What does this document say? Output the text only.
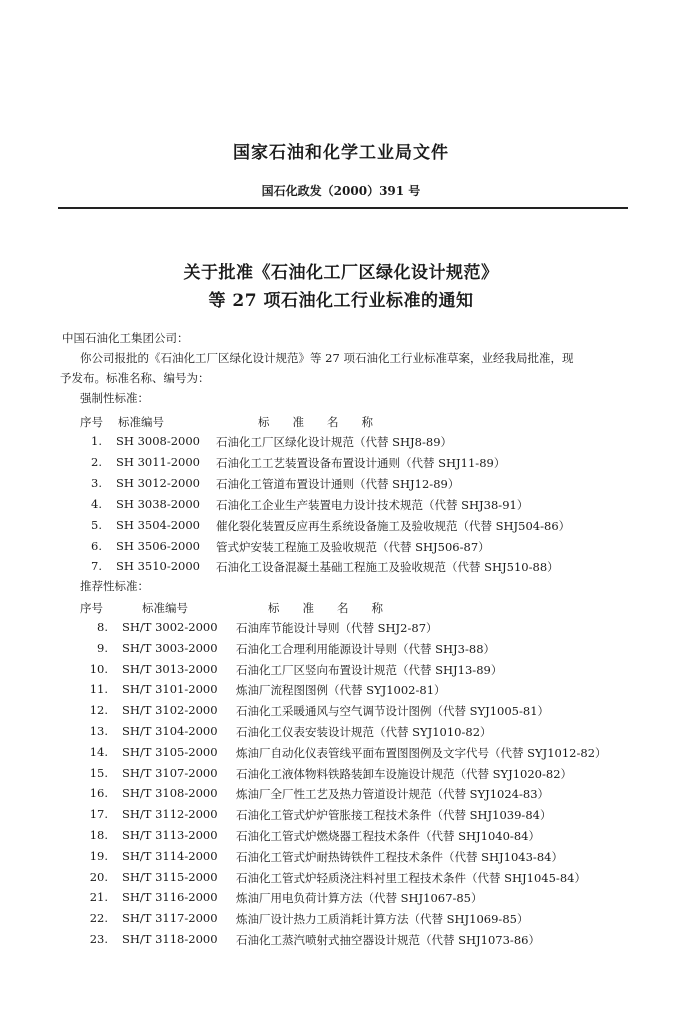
国家石油和化学工业局文件
国石化政发（2000）391 号
关于批准《石油化工厂区绿化设计规范》
等 27 项石油化工行业标准的通知
中国石油化工集团公司：
你公司报批的《石油化工厂区绿化设计规范》等 27 项石油化工行业标准草案，业经我局批准，现
予发布。标准名称、编号为：
强制性标准：
序号 标准编号	标　　准　　名　　称
1. SH 3008-2000 石油化工厂区绿化设计规范（代替 SHJ8-89）
2. SH 3011-2000 石油化工工艺装置设备布置设计通则（代替 SHJ11-89）
3. SH 3012-2000 石油化工管道布置设计通则（代替 SHJ12-89）
4. SH 3038-2000 石油化工企业生产装置电力设计技术规范（代替 SHJ38-91）
5. SH 3504-2000 催化裂化装置反应再生系统设备施工及验收规范（代替 SHJ504-86）
6. SH 3506-2000 管式炉安装工程施工及验收规范（代替 SHJ506-87）
7. SH 3510-2000 石油化工设备混凝土基础工程施工及验收规范（代替 SHJ510-88）
推荐性标准：
序号	标准编号	标　　准　　名　　称
8. SH/T 3002-2000 石油库节能设计导则（代替 SHJ2-87）
9. SH/T 3003-2000 石油化工合理利用能源设计导则（代替 SHJ3-88）
10. SH/T 3013-2000 石油化工厂区竖向布置设计规范（代替 SHJ13-89）
11. SH/T 3101-2000 炼油厂流程图图例（代替 SYJ1002-81）
12. SH/T 3102-2000 石油化工采暖通风与空气调节设计图例（代替 SYJ1005-81）
13. SH/T 3104-2000 石油化工仪表安装设计规范（代替 SYJ1010-82）
14. SH/T 3105-2000 炼油厂自动化仪表管线平面布置图图例及文字代号（代替 SYJ1012-82）
15. SH/T 3107-2000 石油化工液体物料铁路装卸车设施设计规范（代替 SYJ1020-82）
16. SH/T 3108-2000 炼油厂全厂性工艺及热力管道设计规范（代替 SYJ1024-83）
17. SH/T 3112-2000 石油化工管式炉炉管胀接工程技术条件（代替 SHJ1039-84）
18. SH/T 3113-2000 石油化工管式炉燃烧器工程技术条件（代替 SHJ1040-84）
19. SH/T 3114-2000 石油化工管式炉耐热铸铁件工程技术条件（代替 SHJ1043-84）
20. SH/T 3115-2000 石油化工管式炉轻质浇注料衬里工程技术条件（代替 SHJ1045-84）
21. SH/T 3116-2000 炼油厂用电负荷计算方法（代替 SHJ1067-85）
22. SH/T 3117-2000 炼油厂设计热力工质消耗计算方法（代替 SHJ1069-85）
23. SH/T 3118-2000 石油化工蒸汽喷射式抽空器设计规范（代替 SHJ1073-86）
